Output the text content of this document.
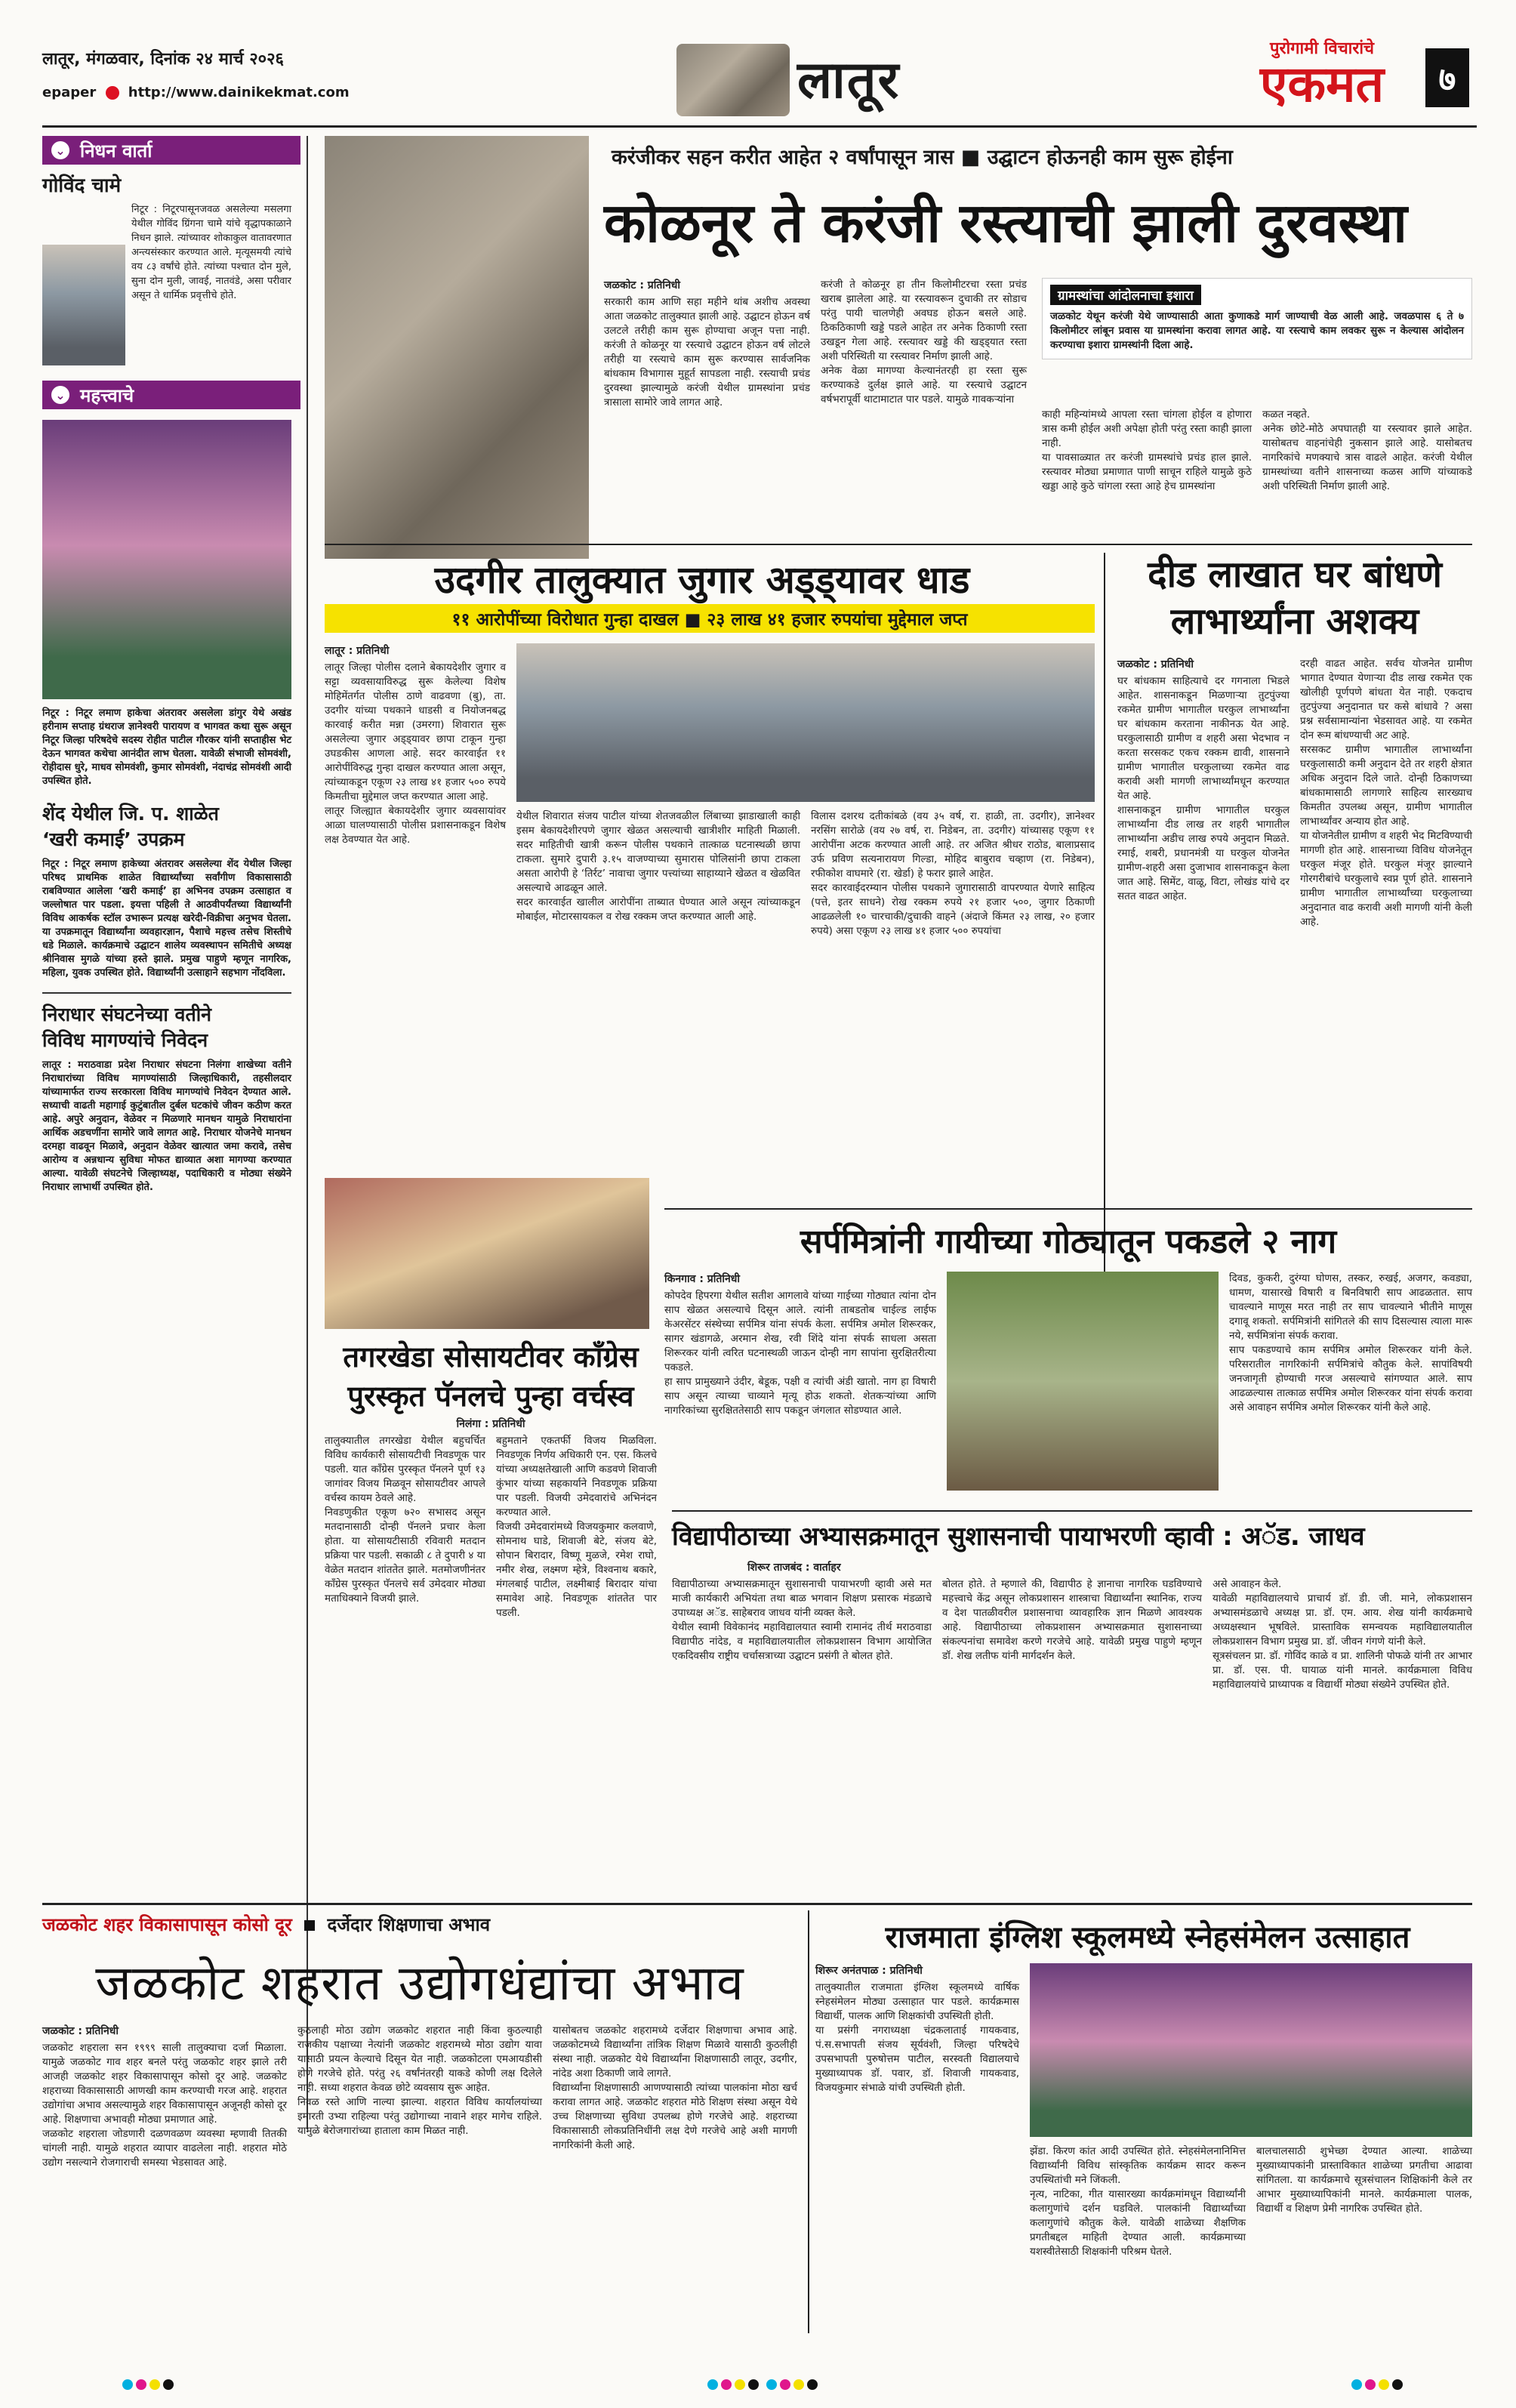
लातूर, मंगळवार, दिनांक २४ मार्च २०२६
epaper http://www.dainikekmat.com	लातूर
पुरोगामी विचारांचे
एकमत	७
⌄ निधन वार्ता
गोविंद चामे
निटूर : निटूरपासूनजवळ असलेल्या मसलगा येथील गोविंद ग्रिंगना चामे यांचे वृद्धापकाळाने निधन झाले. त्यांच्यावर शोकाकुल वातावरणात अन्त्यसंस्कार करण्यात आले. मृत्यूसमयी त्यांचे वय ८३ वर्षांचे होते. त्यांच्या पश्चात दोन मुले, सुना दोन मुली, जावई, नातवंडे, असा परीवार असून ते धार्मिक प्रवृत्तीचे होते.
⌄ महत्त्वाचे
निटूर : निटूर लमाण हाकेचा अंतरावर असलेला डांगुर येथे अखंड हरीनाम सप्ताह ग्रंथराज ज्ञानेश्वरी पारायण व भागवत कथा सुरू असून निटूर जिल्हा परिषदेचे सदस्य रोहीत पाटील गौरकर यांनी सप्ताहीस भेट देऊन भागवत कथेचा आनंदीत लाभ घेतला. यावेळी संभाजी सोमवंशी, रोहीदास धुरे, माधव सोमवंशी, कुमार सोमवंशी, नंदाचंद्र सोमवंशी आदी उपस्थित होते.
शेंद येथील जि. प. शाळेत
‘खरी कमाई’ उपक्रम
निटूर : निटूर लमाण हाकेच्या अंतरावर असलेल्या शेंद येथील जिल्हा परिषद प्राथमिक शाळेत विद्यार्थ्यांच्या सर्वांगीण विकासासाठी राबविण्यात आलेला ‘खरी कमाई’ हा अभिनव उपक्रम उत्साहात व जल्लोषात पार पडला. इयत्ता पहिली ते आठवीपर्यंतच्या विद्यार्थ्यांनी विविध आकर्षक स्टॉल उभारून प्रत्यक्ष खरेदी-विक्रीचा अनुभव घेतला. या उपक्रमातून विद्यार्थ्यांना व्यवहारज्ञान, पैशाचे महत्त्व तसेच शिस्तीचे धडे मिळाले. कार्यक्रमाचे उद्घाटन शालेय व्यवस्थापन समितीचे अध्यक्ष श्रीनिवास मुगळे यांच्या हस्ते झाले. प्रमुख पाहुणे म्हणून नागरिक, महिला, युवक उपस्थित होते. विद्यार्थ्यांनी उत्साहाने सहभाग नोंदविला.
निराधार संघटनेच्या वतीने
विविध मागण्यांचे निवेदन
लातूर : मराठवाडा प्रदेश निराधार संघटना निलंगा शाखेच्या वतीने निराधारांच्या विविध मागण्यांसाठी जिल्हाधिकारी, तहसीलदार यांच्यामार्फत राज्य सरकारला विविध मागण्यांचे निवेदन देण्यात आले. सध्याची वाढती महागाई कुटुंबातील दुर्बल घटकांचे जीवन कठीण करत आहे. अपुरे अनुदान, वेळेवर न मिळणारे मानधन यामुळे निराधारांना आर्थिक अडचणींना सामोरे जावे लागत आहे. निराधार योजनेचे मानधन दरमहा वाढवून मिळावे, अनुदान वेळेवर खात्यात जमा करावे, तसेच आरोग्य व अन्नधान्य सुविधा मोफत द्याव्यात अशा मागण्या करण्यात आल्या. यावेळी संघटनेचे जिल्हाध्यक्ष, पदाधिकारी व मोठ्या संख्येने निराधार लाभार्थी उपस्थित होते.
करंजीकर सहन करीत आहेत २ वर्षांपासून त्रास ■ उद्घाटन होऊनही काम सुरू होईना
कोळनूर ते करंजी रस्त्याची झाली दुरवस्था
जळकोट : प्रतिनिधी
सरकारी काम आणि सहा महीने थांब अशीच अवस्था आता जळकोट तालुक्यात झाली आहे. उद्घाटन होऊन वर्ष उलटले तरीही काम सुरू होण्याचा अजून पत्ता नाही. करंजी ते कोळनूर या रस्त्याचे उद्घाटन होऊन वर्ष लोटले तरीही या रस्त्याचे काम सुरू करण्यास सार्वजनिक बांधकाम विभागास मुहूर्त सापडला नाही. रस्त्याची प्रचंड दुरवस्था झाल्यामुळे करंजी येथील ग्रामस्थांना प्रचंड त्रासाला सामोरे जावे लागत आहे.
करंजी ते कोळनूर हा तीन किलोमीटरचा रस्ता प्रचंड खराब झालेला आहे. या रस्त्यावरून दुचाकी तर सोडाच परंतु पायी चालणेही अवघड होऊन बसले आहे. ठिकठिकाणी खड्डे पडले आहेत तर अनेक ठिकाणी रस्ता उखडून गेला आहे. रस्त्यावर खड्डे की खड्ड्यात रस्ता अशी परिस्थिती या रस्त्यावर निर्माण झाली आहे.
अनेक वेळा मागण्या केल्यानंतरही हा रस्ता सुरू करण्याकडे दुर्लक्ष झाले आहे. या रस्त्याचे उद्घाटन वर्षभरापूर्वी थाटामाटात पार पडले. यामुळे गावकऱ्यांना
ग्रामस्थांचा आंदोलनाचा इशारा
जळकोट येथून करंजी येथे जाण्यासाठी आता कुणाकडे मार्ग जाण्याची वेळ आली आहे. जवळपास ६ ते ७ किलोमीटर लांबून प्रवास या ग्रामस्थांना करावा लागत आहे. या रस्त्याचे काम लवकर सुरू न केल्यास आंदोलन करण्याचा इशारा ग्रामस्थांनी दिला आहे.
काही महिन्यांमध्ये आपला रस्ता चांगला होईल व होणारा त्रास कमी होईल अशी अपेक्षा होती परंतु रस्ता काही झाला नाही.
या पावसाळ्यात तर करंजी ग्रामस्थांचे प्रचंड हाल झाले. रस्त्यावर मोठ्या प्रमाणात पाणी साचून राहिले यामुळे कुठे खड्डा आहे कुठे चांगला रस्ता आहे हेच ग्रामस्थांना
कळत नव्हते.
अनेक छोटे-मोठे अपघातही या रस्त्यावर झाले आहेत. यासोबतच वाहनांचेही नुकसान झाले आहे. यासोबतच नागरिकांचे मणक्याचे त्रास वाढले आहेत. करंजी येथील ग्रामस्थांच्या वतीने शासनाच्या कळस आणि यांच्याकडे अशी परिस्थिती निर्माण झाली आहे.
उदगीर तालुक्यात जुगार अड्ड्यावर धाड
११ आरोपींच्या विरोधात गुन्हा दाखल ■ २३ लाख ४१ हजार रुपयांचा मुद्देमाल जप्त
लातूर : प्रतिनिधी
लातूर जिल्हा पोलीस दलाने बेकायदेशीर जुगार व सट्टा व्यवसायाविरुद्ध सुरू केलेल्या विशेष मोहिमेंतर्गत पोलीस ठाणे वाढवणा (बु), ता. उदगीर यांच्या पथकाने धाडसी व नियोजनबद्ध कारवाई करीत मन्ना (उमरगा) शिवारात सुरू असलेल्या जुगार अड्ड्यावर छापा टाकून गुन्हा उघडकीस आणला आहे. सदर कारवाईत ११ आरोपींविरुद्ध गुन्हा दाखल करण्यात आला असून, त्यांच्याकडून एकूण २३ लाख ४१ हजार ५०० रुपये किमतीचा मुद्देमाल जप्त करण्यात आला आहे.
लातूर जिल्ह्यात बेकायदेशीर जुगार व्यवसायांवर आळा घालण्यासाठी पोलीस प्रशासनाकडून विशेष लक्ष ठेवण्यात येत आहे.
येथील शिवारात संजय पाटील यांच्या शेतजवळील लिंबाच्या झाडाखाली काही इसम बेकायदेशीरपणे जुगार खेळत असल्याची खात्रीशीर माहिती मिळाली. सदर माहितीची खात्री करून पोलीस पथकाने तात्काळ घटनास्थळी छापा टाकला. सुमारे दुपारी ३.१५ वाजण्याच्या सुमारास पोलिसांनी छापा टाकला असता आरोपी हे ‘तिर्रट’ नावाचा जुगार पत्त्यांच्या साहाय्याने खेळत व खेळवित असल्याचे आढळून आले.
सदर कारवाईत खालील आरोपींना ताब्यात घेण्यात आले असून त्यांच्याकडून मोबाईल, मोटारसायकल व रोख रक्कम जप्त करण्यात आली आहे.
विलास दशरथ दतीकांबळे (वय ३५ वर्ष, रा. हाळी, ता. उदगीर), ज्ञानेश्वर नरसिंग सारोळे (वय २७ वर्ष, रा. निडेबन, ता. उदगीर) यांच्यासह एकूण ११ आरोपींना अटक करण्यात आली आहे. तर अजित श्रीधर राठोड, बालाप्रसाद उर्फ प्रविण सत्यनारायण गिल्डा, मोहिद बाबुराव चव्हाण (रा. निडेबन), रफीकोश वाघमारे (रा. खेर्डा) हे फरार झाले आहेत.
सदर कारवाईदरम्यान पोलीस पथकाने जुगारासाठी वापरण्यात येणारे साहित्य (पत्ते, इतर साधने) रोख रक्कम रुपये २१ हजार ५००, जुगार ठिकाणी आढळलेली १० चारचाकी/दुचाकी वाहने (अंदाजे किंमत २३ लाख, २० हजार रुपये) असा एकूण २३ लाख ४१ हजार ५०० रुपयांचा
दीड लाखात घर बांधणे लाभार्थ्यांना अशक्य
जळकोट : प्रतिनिधी
घर बांधकाम साहित्याचे दर गगनाला भिडले आहेत. शासनाकडून मिळणाऱ्या तुटपुंज्या रकमेत ग्रामीण भागातील घरकुल लाभार्थ्यांना घर बांधकाम करताना नाकीनऊ येत आहे. घरकुलासाठी ग्रामीण व शहरी असा भेदभाव न करता सरसकट एकच रक्कम द्यावी, शासनाने ग्रामीण भागातील घरकुलाच्या रकमेत वाढ करावी अशी मागणी लाभार्थ्यांमधून करण्यात येत आहे.
शासनाकडून ग्रामीण भागातील घरकुल लाभार्थ्यांना दीड लाख तर शहरी भागातील लाभार्थ्यांना अडीच लाख रुपये अनुदान मिळते. रमाई, शबरी, प्रधानमंत्री या घरकुल योजनेत ग्रामीण-शहरी असा दुजाभाव शासनाकडून केला जात आहे. सिमेंट, वाळू, विटा, लोखंड यांचे दर सतत वाढत आहेत.
दरही वाढत आहेत. सर्वच योजनेत ग्रामीण भागात देण्यात येणाऱ्या दीड लाख रकमेत एक खोलीही पूर्णपणे बांधता येत नाही. एकदाच तुटपुंज्या अनुदानात घर कसे बांधावे ? असा प्रश्न सर्वसामान्यांना भेडसावत आहे. या रकमेत दोन रूम बांधण्याची अट आहे.
सरसकट ग्रामीण भागातील लाभार्थ्यांना घरकुलासाठी कमी अनुदान देते तर शहरी क्षेत्रात अधिक अनुदान दिले जाते. दोन्ही ठिकाणच्या बांधकामासाठी लागणारे साहित्य सारख्याच किमतीत उपलब्ध असून, ग्रामीण भागातील लाभार्थ्यांवर अन्याय होत आहे.
या योजनेतील ग्रामीण व शहरी भेद मिटविण्याची मागणी होत आहे. शासनाच्या विविध योजनेतून घरकुल मंजूर होते. घरकुल मंजूर झाल्याने गोरगरीबांचे घरकुलाचे स्वप्न पूर्ण होते. शासनाने ग्रामीण भागातील लाभार्थ्यांच्या घरकुलाच्या अनुदानात वाढ करावी अशी मागणी यांनी केली आहे.
सर्पमित्रांनी गायीच्या गोठ्यातून पकडले २ नाग
किनगाव : प्रतिनिधी
कोपदेव हिपरगा येथील सतीश आगलावे यांच्या गाईच्या गोठ्यात त्यांना दोन साप खेळत असल्याचे दिसून आले. त्यांनी ताबडतोब चाईल्ड लाईफ केअरसेंटर संस्थेच्या सर्पमित्र यांना संपर्क केला. सर्पमित्र अमोल शिरूरकर, सागर खंडागळे, अरमान शेख, रवी शिंदे यांना संपर्क साधला असता शिरूरकर यांनी त्वरित घटनास्थळी जाऊन दोन्ही नाग सापांना सुरक्षितरीत्या पकडले.
हा साप प्रामुख्याने उंदीर, बेडूक, पक्षी व त्यांची अंडी खातो. नाग हा विषारी साप असून त्याच्या चाव्याने मृत्यू होऊ शकतो. शेतकऱ्यांच्या आणि नागरिकांच्या सुरक्षिततेसाठी साप पकडून जंगलात सोडण्यात आले.
दिवड, कुकरी, दुरंग्या घोणस, तस्कर, रुखई, अजगर, कवड्या, धामण, यासारखे विषारी व बिनविषारी साप आढळतात. साप चावल्याने माणूस मरत नाही तर साप चावल्याने भीतीने माणूस दगावू शकतो. सर्पमित्रांनी सांगितले की साप दिसल्यास त्याला मारू नये, सर्पमित्रांना संपर्क करावा.
साप पकडण्याचे काम सर्पमित्र अमोल शिरूरकर यांनी केले. परिसरातील नागरिकांनी सर्पमित्रांचे कौतुक केले. सापांविषयी जनजागृती होण्याची गरज असल्याचे सांगण्यात आले. साप आढळल्यास तात्काळ सर्पमित्र अमोल शिरूरकर यांना संपर्क करावा असे आवाहन सर्पमित्र अमोल शिरूरकर यांनी केले आहे.
तगरखेडा सोसायटीवर काँग्रेस
पुरस्कृत पॅनलचे पुन्हा वर्चस्व
निलंगा : प्रतिनिधी
तालुक्यातील तगरखेडा येथील बहुचर्चित विविध कार्यकारी सोसायटीची निवडणूक पार पडली. यात काँग्रेस पुरस्कृत पॅनलने पूर्ण १३ जागांवर विजय मिळवून सोसायटीवर आपले वर्चस्व कायम ठेवले आहे.
निवडणुकीत एकूण ७२० सभासद असून मतदानासाठी दोन्ही पॅनलने प्रचार केला होता. या सोसायटीसाठी रविवारी मतदान प्रक्रिया पार पडली. सकाळी ८ ते दुपारी ४ या वेळेत मतदान शांततेत झाले. मतमोजणीनंतर काँग्रेस पुरस्कृत पॅनलचे सर्व उमेदवार मोठ्या मताधिक्याने विजयी झाले.
बहुमताने एकतर्फी विजय मिळविला. निवडणूक निर्णय अधिकारी एन. एस. किलचे यांच्या अध्यक्षतेखाली आणि कडवणे शिवाजी कुंभार यांच्या सहकार्याने निवडणूक प्रक्रिया पार पडली. विजयी उमेदवारांचे अभिनंदन करण्यात आले.
विजयी उमेदवारांमध्ये विजयकुमार कलवाणे, सोमनाथ घाडे, शिवाजी बेटे, संजय बेटे, सोपान बिरादार, विष्णू मुळजे, रमेश राघो, नमीर शेख, लक्ष्मण म्हेत्रे, विश्वनाथ बकारे, मंगलबाई पाटील, लक्ष्मीबाई बिरादार यांचा समावेश आहे. निवडणूक शांततेत पार पडली.
विद्यापीठाच्या अभ्यासक्रमातून सुशासनाची पायाभरणी व्हावी : अॅड. जाधव
शिरूर ताजबंद : वार्ताहर
विद्यापीठाच्या अभ्यासक्रमातून सुशासनाची पायाभरणी व्हावी असे मत माजी कार्यकारी अभियंता तथा बाळ भगवान शिक्षण प्रसारक मंडळाचे उपाध्यक्ष अॅड. साहेबराव जाधव यांनी व्यक्त केले.
येथील स्वामी विवेकानंद महाविद्यालयात स्वामी रामानंद तीर्थ मराठवाडा विद्यापीठ नांदेड, व महाविद्यालयातील लोकप्रशासन विभाग आयोजित एकदिवसीय राष्ट्रीय चर्चासत्राच्या उद्घाटन प्रसंगी ते बोलत होते.
बोलत होते. ते म्हणाले की, विद्यापीठ हे ज्ञानाचा नागरिक घडविण्याचे महत्त्वाचे केंद्र असून लोकप्रशासन शास्त्राचा विद्यार्थ्यांना स्थानिक, राज्य व देश पातळीवरील प्रशासनाचा व्यावहारिक ज्ञान मिळणे आवश्यक आहे. विद्यापीठाच्या लोकप्रशासन अभ्यासक्रमात सुशासनाच्या संकल्पनांचा समावेश करणे गरजेचे आहे. यावेळी प्रमुख पाहुणे म्हणून डॉ. शेख लतीफ यांनी मार्गदर्शन केले.
असे आवाहन केले.
यावेळी महाविद्यालयाचे प्राचार्य डॉ. डी. जी. माने, लोकप्रशासन अभ्यासमंडळाचे अध्यक्ष प्रा. डॉ. एम. आय. शेख यांनी कार्यक्रमाचे अध्यक्षस्थान भूषविले. प्रास्ताविक समन्वयक महाविद्यालयातील लोकप्रशासन विभाग प्रमुख प्रा. डॉ. जीवन गंगणे यांनी केले.
सूत्रसंचलन प्रा. डॉ. गोविंद काळे व प्रा. शालिनी पोफळे यांनी तर आभार प्रा. डॉ. एस. पी. घायाळ यांनी मानले. कार्यक्रमाला विविध महाविद्यालयांचे प्राध्यापक व विद्यार्थी मोठ्या संख्येने उपस्थित होते.
जळकोट शहर विकासापासून कोसो दूर दर्जेदार शिक्षणाचा अभाव
जळकोट शहरात उद्योगधंद्यांचा अभाव
जळकोट : प्रतिनिधी
जळकोट शहराला सन १९९९ साली तालुक्याचा दर्जा मिळाला. यामुळे जळकोट गाव शहर बनले परंतु जळकोट शहर झाले तरी आजही जळकोट शहर विकासापासून कोसो दूर आहे. जळकोट शहराच्या विकासासाठी आणखी काम करण्याची गरज आहे. शहरात उद्योगांचा अभाव असल्यामुळे शहर विकासापासून अजूनही कोसो दूर आहे. शिक्षणाचा अभावही मोठ्या प्रमाणात आहे.
जळकोट शहराला जोडणारी दळणवळण व्यवस्था म्हणावी तितकी चांगली नाही. यामुळे शहरात व्यापार वाढलेला नाही. शहरात मोठे उद्योग नसल्याने रोजगाराची समस्या भेडसावत आहे.
कुठलाही मोठा उद्योग जळकोट शहरात नाही किंवा कुठल्याही राजकीय पक्षाच्या नेत्यांनी जळकोट शहरामध्ये मोठा उद्योग यावा यासाठी प्रयत्न केल्याचे दिसून येत नाही. जळकोटला एमआयडीसी होणे गरजेचे होते. परंतु २६ वर्षांनंतरही याकडे कोणी लक्ष दिलेले नाही. सध्या शहरात केवळ छोटे व्यवसाय सुरू आहेत.
निवळ रस्ते आणि नाल्या झाल्या. शहरात विविध कार्यालयांच्या इमारती उभ्या राहिल्या परंतु उद्योगाच्या नावाने शहर मागेच राहिले. यामुळे बेरोजगारांच्या हाताला काम मिळत नाही.
यासोबतच जळकोट शहरामध्ये दर्जेदार शिक्षणाचा अभाव आहे. जळकोटमध्ये विद्यार्थ्यांना तांत्रिक शिक्षण मिळावे यासाठी कुठलीही संस्था नाही. जळकोट येथे विद्यार्थ्यांना शिक्षणासाठी लातूर, उदगीर, नांदेड अशा ठिकाणी जावे लागते.
विद्यार्थ्यांना शिक्षणासाठी आणण्यासाठी त्यांच्या पालकांना मोठा खर्च करावा लागत आहे. जळकोट शहरात मोठे शिक्षण संस्था असून येथे उच्च शिक्षणाच्या सुविधा उपलब्ध होणे गरजेचे आहे. शहराच्या विकासासाठी लोकप्रतिनिधींनी लक्ष देणे गरजेचे आहे अशी मागणी नागरिकांनी केली आहे.
राजमाता इंग्लिश स्कूलमध्ये स्नेहसंमेलन उत्साहात
शिरूर अनंतपाळ : प्रतिनिधी
तालुक्यातील राजमाता इंग्लिश स्कूलमध्ये वार्षिक स्नेहसंमेलन मोठ्या उत्साहात पार पडले. कार्यक्रमास विद्यार्थी, पालक आणि शिक्षकांची उपस्थिती होती.
या प्रसंगी नगराध्यक्षा चंद्रकलाताई गायकवाड, पं.स.सभापती संजय सूर्यवंशी, जिल्हा परिषदेचे उपसभापती पुरुषोत्तम पाटील, सरस्वती विद्यालयाचे मुख्याध्यापक डॉ. पवार, डॉ. शिवाजी गायकवाड, विजयकुमार संभाळे यांची उपस्थिती होती.
झेंडा. किरण कांत आदी उपस्थित होते. स्नेहसंमेलनानिमित्त विद्यार्थ्यांनी विविध सांस्कृतिक कार्यक्रम सादर करून उपस्थितांची मने जिंकली.
नृत्य, नाटिका, गीत यासारख्या कार्यक्रमांमधून विद्यार्थ्यांनी कलागुणांचे दर्शन घडविले. पालकांनी विद्यार्थ्यांच्या कलागुणांचे कौतुक केले. यावेळी शाळेच्या शैक्षणिक प्रगतीबद्दल माहिती देण्यात आली. कार्यक्रमाच्या यशस्वीतेसाठी शिक्षकांनी परिश्रम घेतले.
बालचालसाठी शुभेच्छा देण्यात आल्या. शाळेच्या मुख्याध्यापकांनी प्रास्ताविकात शाळेच्या प्रगतीचा आढावा सांगितला. या कार्यक्रमाचे सूत्रसंचालन शिक्षिकांनी केले तर आभार मुख्याध्यापिकांनी मानले. कार्यक्रमाला पालक, विद्यार्थी व शिक्षण प्रेमी नागरिक उपस्थित होते.
